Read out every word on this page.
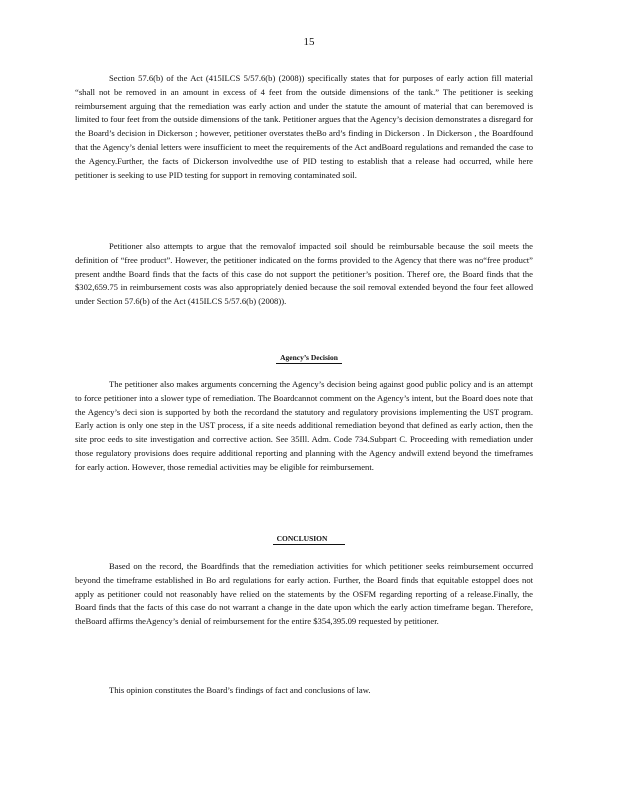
15

Section 57.6(b) of the Act (415ILCS 5/57.6(b) (2008)) specifically states that for purposes of early action fill material “shall not be removed in an amount in excess of 4 feet from the outside dimensions of the tank.” The petitioner is seeking reimbursement arguing that the remediation was early action and under the statute the amount of material that can beremoved is limited to four feet from the outside dimensions of the tank. Petitioner argues that the Agency’s decision demonstrates a disregard for the Board’s decision in Dickerson ; however, petitioner overstates theBo ard’s finding in Dickerson . In Dickerson , the Boardfound that the Agency’s denial letters were insufficient to meet the requirements of the Act andBoard regulations and remanded the case to the Agency.Further, the facts of Dickerson involvedthe use of PID testing to establish that a release had occurred, while here petitioner is seeking to use PID testing for support in removing contaminated soil.

Petitioner also attempts to argue that the removalof impacted soil should be reimbursable because the soil meets the definition of “free product”. However, the petitioner indicated on the forms provided to the Agency that there was no“free product” present andthe Board finds that the facts of this case do not support the petitioner’s position. Theref ore, the Board finds that the $302,659.75 in reimbursement costs was also appropriately denied because the soil removal extended beyond the four feet allowed under Section 57.6(b) of the Act (415ILCS 5/57.6(b) (2008)).

Agency’s Decision

The petitioner also makes arguments concerning the Agency’s decision being against good public policy and is an attempt to force petitioner into a slower type of remediation. The Boardcannot comment on the Agency’s intent, but the Board does note that the Agency’s deci sion is supported by both the recordand the statutory and regulatory provisions implementing the UST program. Early action is only one step in the UST process, if a site needs additional remediation beyond that defined as early action, then the site proc eeds to site investigation and corrective action. See 35Ill. Adm. Code 734.Subpart C. Proceeding with remediation under those regulatory provisions does require additional reporting and planning with the Agency andwill extend beyond the timeframes for early action. However, those remedial activities may be eligible for reimbursement.

CONCLUSION

Based on the record, the Boardfinds that the remediation activities for which petitioner seeks reimbursement occurred beyond the timeframe established in Bo ard regulations for early action. Further, the Board finds that equitable estoppel does not apply as petitioner could not reasonably have relied on the statements by the OSFM regarding reporting of a release.Finally, the Board finds that the facts of this case do not warrant a change in the date upon which the early action timeframe began. Therefore, theBoard affirms theAgency’s denial of reimbursement for the entire $354,395.09 requested by petitioner.

This opinion constitutes the Board’s findings of fact and conclusions of law.
